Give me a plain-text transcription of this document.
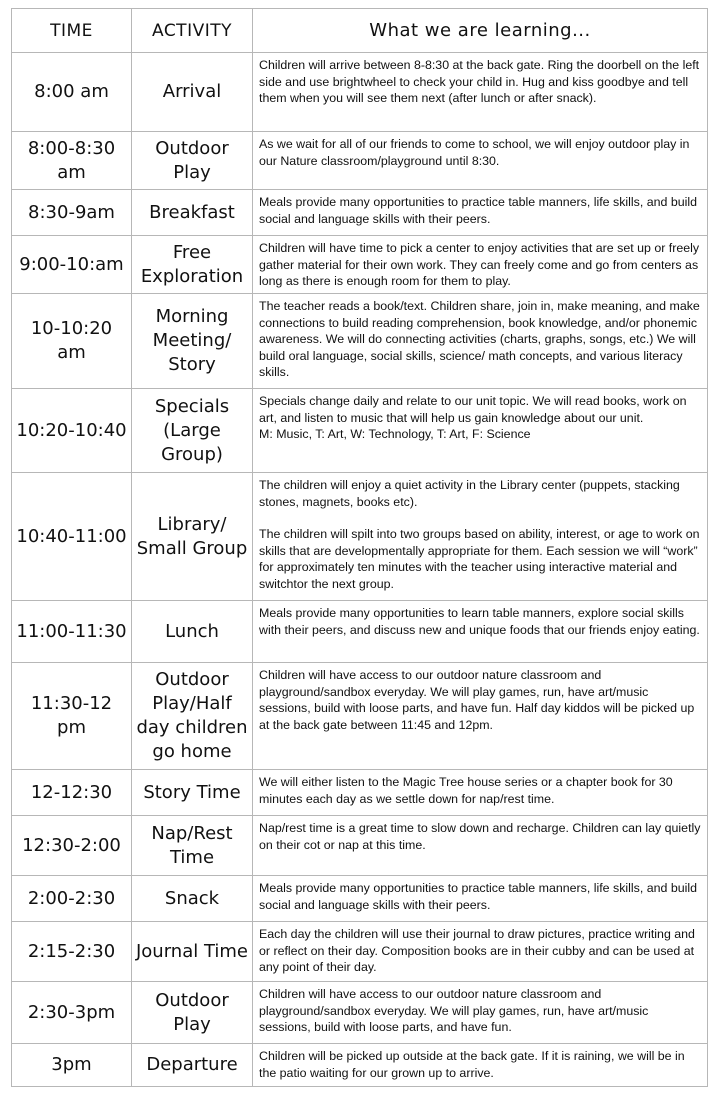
TIME	ACTIVITY	What we are learning...
8:00 am	Arrival	Children will arrive between 8-8:30 at the back gate. Ring the doorbell on the left side and use brightwheel to check your child in. Hug and kiss goodbye and tell them when you will see them next (after lunch or after snack).

8:00-8:30 am	Outdoor Play	As we wait for all of our friends to come to school, we will enjoy outdoor play in our Nature classroom/playground until 8:30.

8:30-9am	Breakfast	Meals provide many opportunities to practice table manners, life skills, and build social and language skills with their peers.

9:00-10:am	Free Exploration	Children will have time to pick a center to enjoy activities that are set up or freely gather material for their own work. They can freely come and go from centers as long as there is enough room for them to play.

10-10:20 am	Morning Meeting/ Story	The teacher reads a book/text. Children share, join in, make meaning, and make connections to build reading comprehension, book knowledge, and/or phonemic awareness. We will do connecting activities (charts, graphs, songs, etc.) We will build oral language, social skills, science/ math concepts, and various literacy skills.

10:20-10:40	Specials (Large Group)	Specials change daily and relate to our unit topic. We will read books, work on art, and listen to music that will help us gain knowledge about our unit.
M: Music, T: Art, W: Technology, T: Art, F: Science

10:40-11:00	Library/ Small Group	The children will enjoy a quiet activity in the Library center (puppets, stacking stones, magnets, books etc).
The children will spilt into two groups based on ability, interest, or age to work on skills that are developmentally appropriate for them. Each session we will “work” for approximately ten minutes with the teacher using interactive material and switchtor the next group.

11:00-11:30	Lunch	Meals provide many opportunities to learn table manners, explore social skills with their peers, and discuss new and unique foods that our friends enjoy eating.

11:30-12 pm	Outdoor Play/Half day children go home	Children will have access to our outdoor nature classroom and playground/sandbox everyday. We will play games, run, have art/music sessions, build with loose parts, and have fun. Half day kiddos will be picked up at the back gate between 11:45 and 12pm.

12-12:30	Story Time	We will either listen to the Magic Tree house series or a chapter book for 30 minutes each day as we settle down for nap/rest time.

12:30-2:00	Nap/Rest Time	Nap/rest time is a great time to slow down and recharge. Children can lay quietly on their cot or nap at this time.

2:00-2:30	Snack	Meals provide many opportunities to practice table manners, life skills, and build social and language skills with their peers.

2:15-2:30	Journal Time	Each day the children will use their journal to draw pictures, practice writing and or reflect on their day. Composition books are in their cubby and can be used at any point of their day.

2:30-3pm	Outdoor Play	Children will have access to our outdoor nature classroom and playground/sandbox everyday. We will play games, run, have art/music sessions, build with loose parts, and have fun.

3pm	Departure	Children will be picked up outside at the back gate. If it is raining, we will be in the patio waiting for our grown up to arrive.
